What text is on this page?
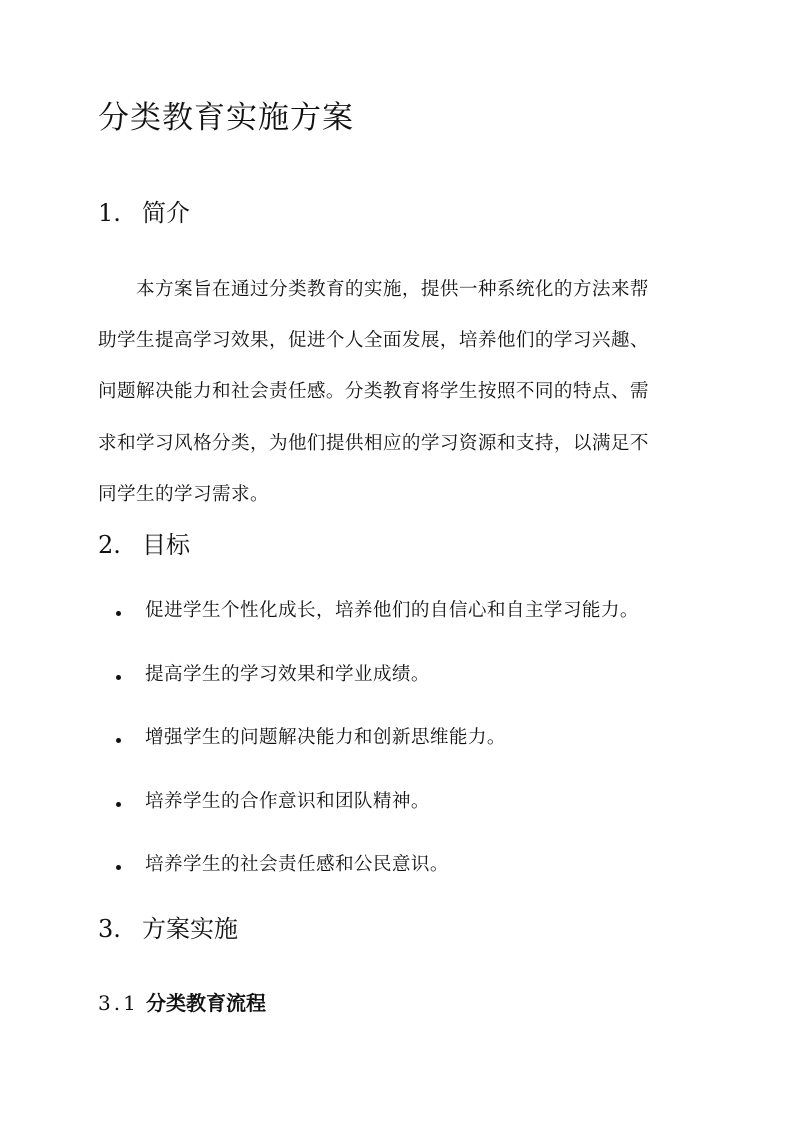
分类教育实施方案
1. 简介

本方案旨在通过分类教育的实施，提供一种系统化的方法来帮
助学生提高学习效果，促进个人全面发展，培养他们的学习兴趣、
问题解决能力和社会责任感。分类教育将学生按照不同的特点、需
求和学习风格分类，为他们提供相应的学习资源和支持，以满足不
同学生的学习需求。

2. 目标
促进学生个性化成长，培养他们的自信心和自主学习能力。
提高学生的学习效果和学业成绩。
增强学生的问题解决能力和创新思维能力。
培养学生的合作意识和团队精神。
培养学生的社会责任感和公民意识。
3. 方案实施
3.1 分类教育流程
